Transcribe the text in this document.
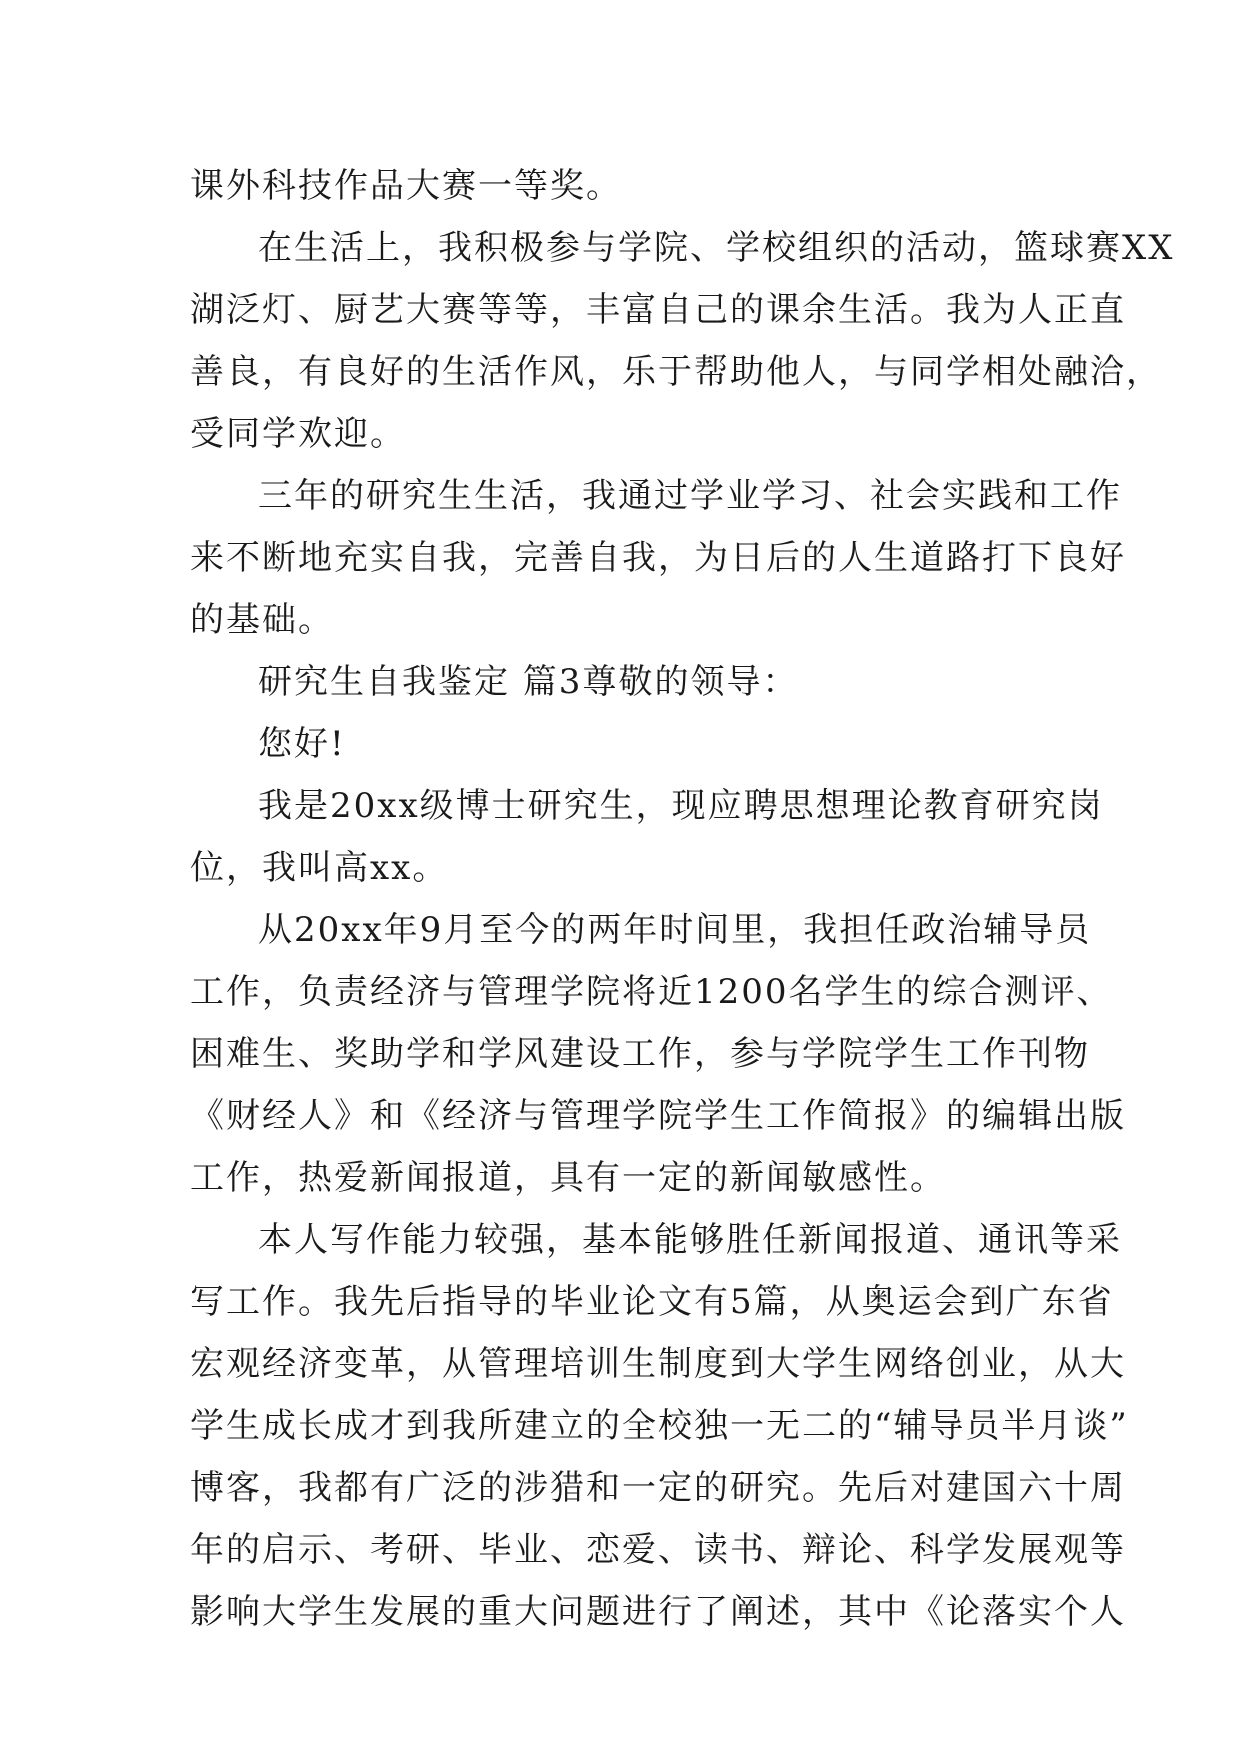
课外科技作品大赛一等奖。
在生活上，我积极参与学院、学校组织的活动，篮球赛XX
湖泛灯、厨艺大赛等等，丰富自己的课余生活。我为人正直
善良，有良好的生活作风，乐于帮助他人，与同学相处融洽，
受同学欢迎。
三年的研究生生活，我通过学业学习、社会实践和工作
来不断地充实自我，完善自我，为日后的人生道路打下良好
的基础。
研究生自我鉴定 篇3尊敬的领导：
您好!
我是20xx级博士研究生，现应聘思想理论教育研究岗
位，我叫高xx。
从20xx年9月至今的两年时间里，我担任政治辅导员
工作，负责经济与管理学院将近1200名学生的综合测评、
困难生、奖助学和学风建设工作，参与学院学生工作刊物
《财经人》和《经济与管理学院学生工作简报》的编辑出版
工作，热爱新闻报道，具有一定的新闻敏感性。
本人写作能力较强，基本能够胜任新闻报道、通讯等采
写工作。我先后指导的毕业论文有5篇，从奥运会到广东省
宏观经济变革，从管理培训生制度到大学生网络创业，从大
学生成长成才到我所建立的全校独一无二的“辅导员半月谈”
博客，我都有广泛的涉猎和一定的研究。先后对建国六十周
年的启示、考研、毕业、恋爱、读书、辩论、科学发展观等
影响大学生发展的重大问题进行了阐述，其中《论落实个人
